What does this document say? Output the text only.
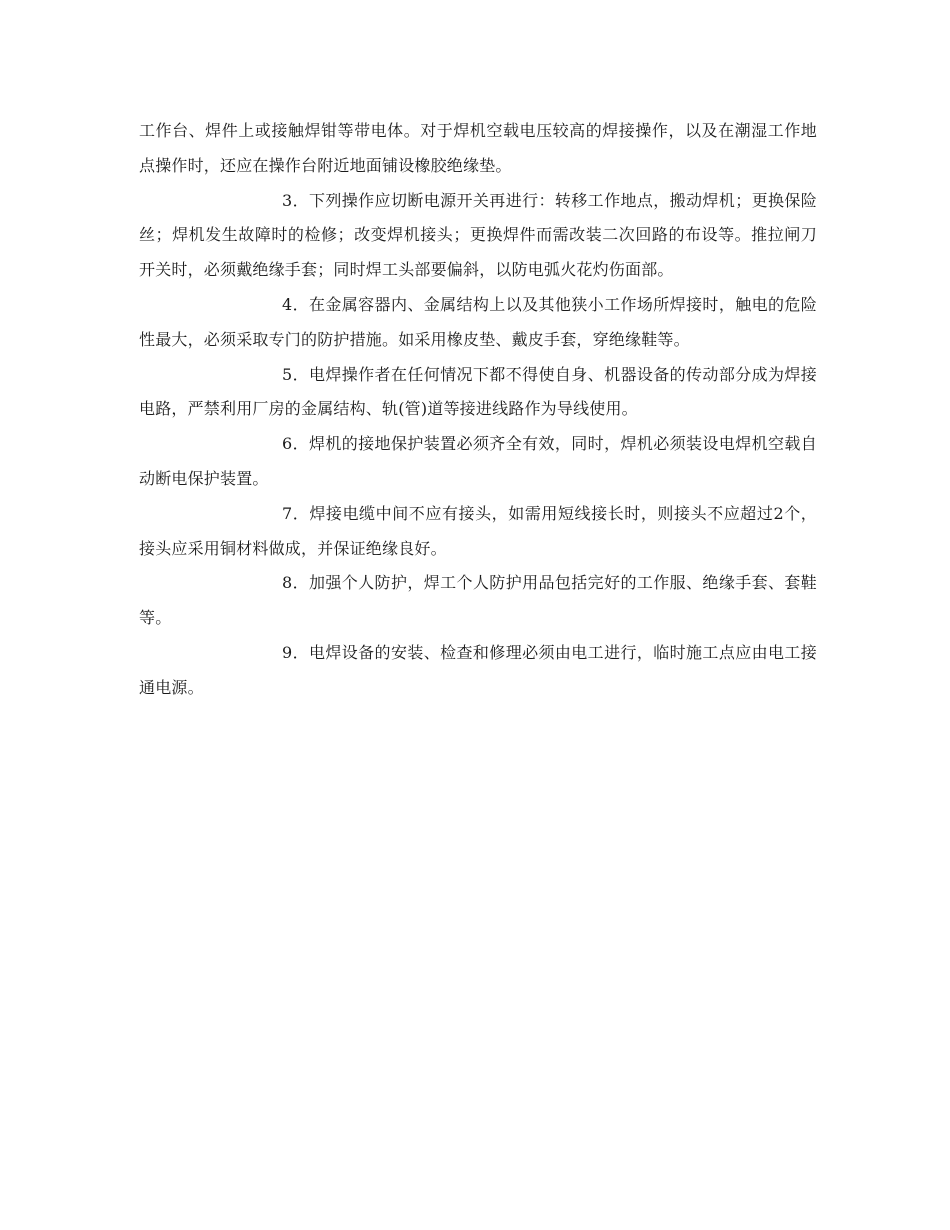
工作台、焊件上或接触焊钳等带电体。对于焊机空载电压较高的焊接操作，以及在潮湿工作地点操作时，还应在操作台附近地面铺设橡胶绝缘垫。

3．下列操作应切断电源开关再进行：转移工作地点，搬动焊机；更换保险丝；焊机发生故障时的检修；改变焊机接头；更换焊件而需改装二次回路的布设等。推拉闸刀开关时，必须戴绝缘手套；同时焊工头部要偏斜，以防电弧火花灼伤面部。

4．在金属容器内、金属结构上以及其他狭小工作场所焊接时，触电的危险性最大，必须采取专门的防护措施。如采用橡皮垫、戴皮手套，穿绝缘鞋等。

5．电焊操作者在任何情况下都不得使自身、机器设备的传动部分成为焊接电路，严禁利用厂房的金属结构、轨(管)道等接进线路作为导线使用。

6．焊机的接地保护装置必须齐全有效，同时，焊机必须装设电焊机空载自动断电保护装置。

7．焊接电缆中间不应有接头，如需用短线接长时，则接头不应超过2个，接头应采用铜材料做成，并保证绝缘良好。

8．加强个人防护，焊工个人防护用品包括完好的工作服、绝缘手套、套鞋等。

9．电焊设备的安装、检查和修理必须由电工进行，临时施工点应由电工接通电源。
